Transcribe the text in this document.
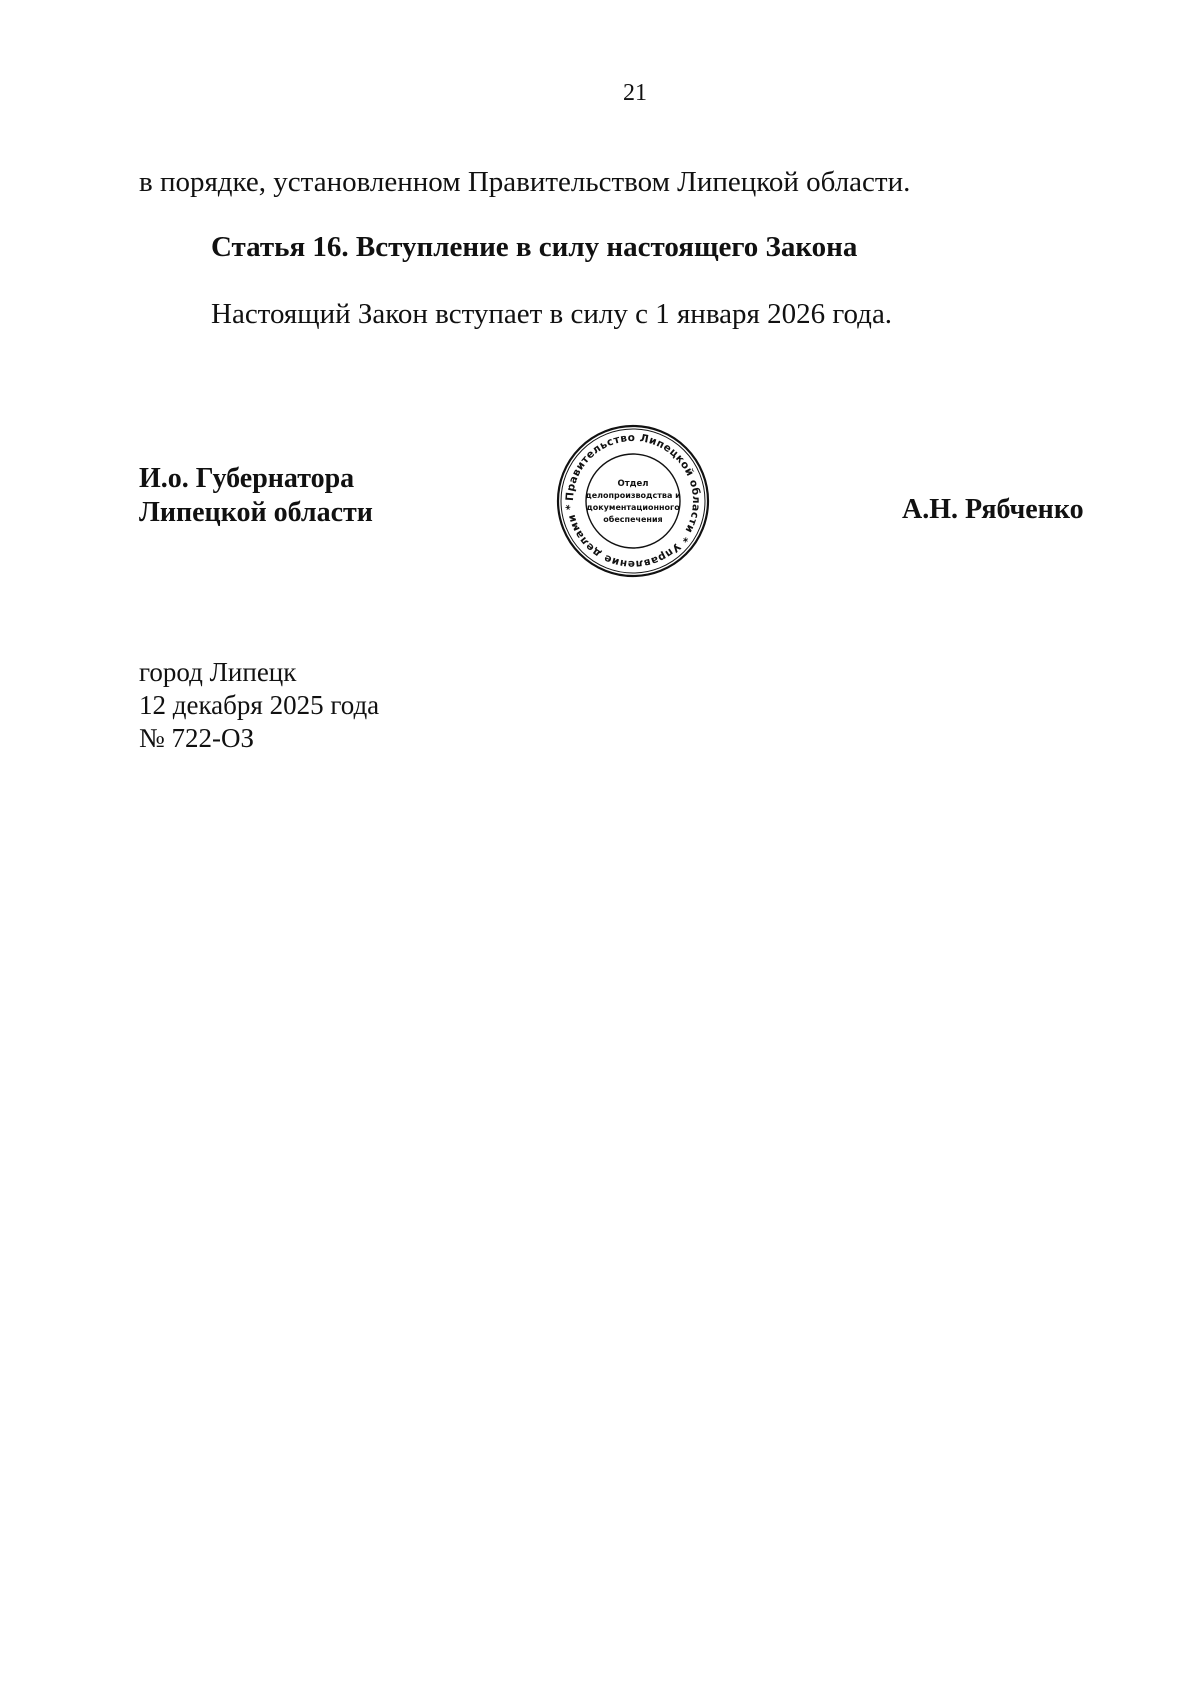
21
в порядке, установленном Правительством Липецкой области.
Статья 16. Вступление в силу настоящего Закона
Настоящий Закон вступает в силу с 1 января 2026 года.
И.о. Губернатора
Липецкой области
Правительство Липецкой области * Управление делами *
Отдел
делопроизводства и
документационного
обеспечения	А.Н. Рябченко
город Липецк
12 декабря 2025 года
№ 722-ОЗ
